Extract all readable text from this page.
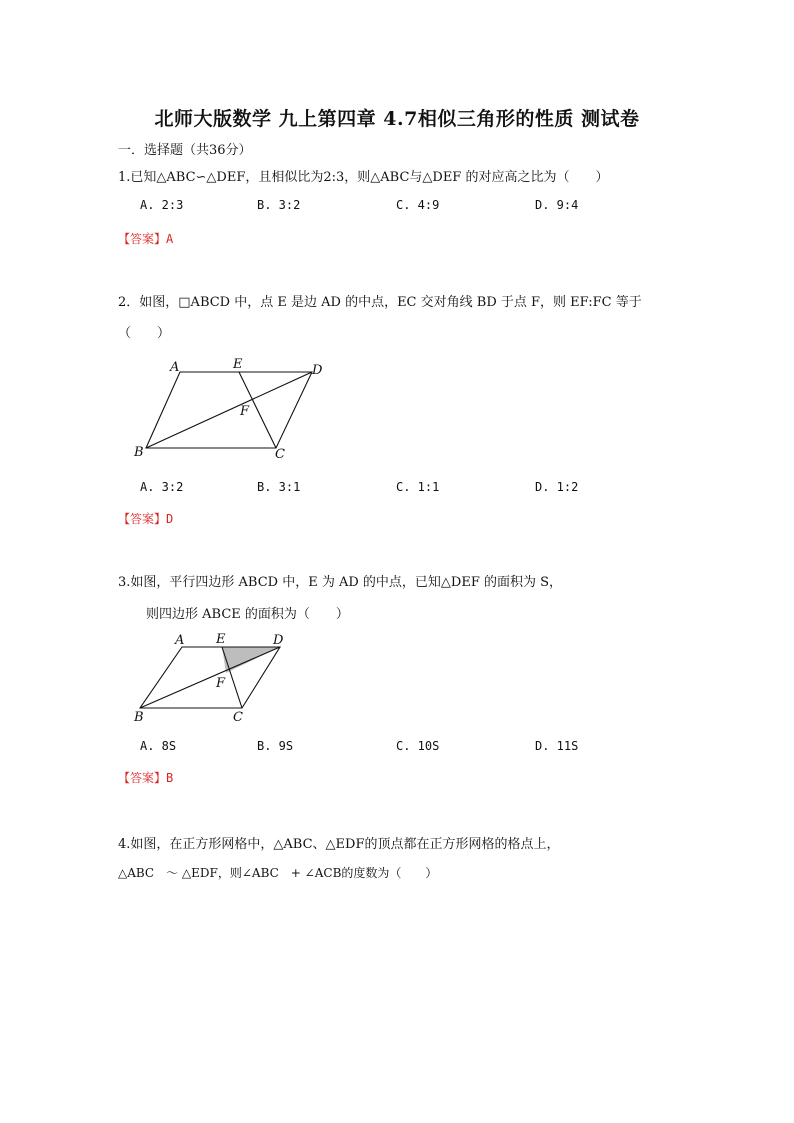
北师大版数学 九上第四章 4.7相似三角形的性质 测试卷
一．选择题（共36分）
1.已知△ABC∽△DEF，且相似比为2:3，则△ABC与△DEF 的对应高之比为（　　）
A. 2:3	B. 3:2	C. 4:9	D. 9:4
【答案】A
2．如图，□ABCD 中，点 E 是边 AD 的中点，EC 交对角线 BD 于点 F，则 EF:FC 等于
（　　）
A	E	D
F
B	C
A. 3:2	B. 3:1	C. 1:1	D. 1:2
【答案】D
3.如图，平行四边形 ABCD 中，E 为 AD 的中点，已知△DEF 的面积为 S，
则四边形 ABCE 的面积为（　　）
A E	D
F
B	C
A. 8S	B. 9S	C. 10S	D. 11S
【答案】B
4.如图，在正方形网格中，△ABC、△EDF的顶点都在正方形网格的格点上，
△ABC　～ △EDF，则∠ABC　+ ∠ACB的度数为（　　）
